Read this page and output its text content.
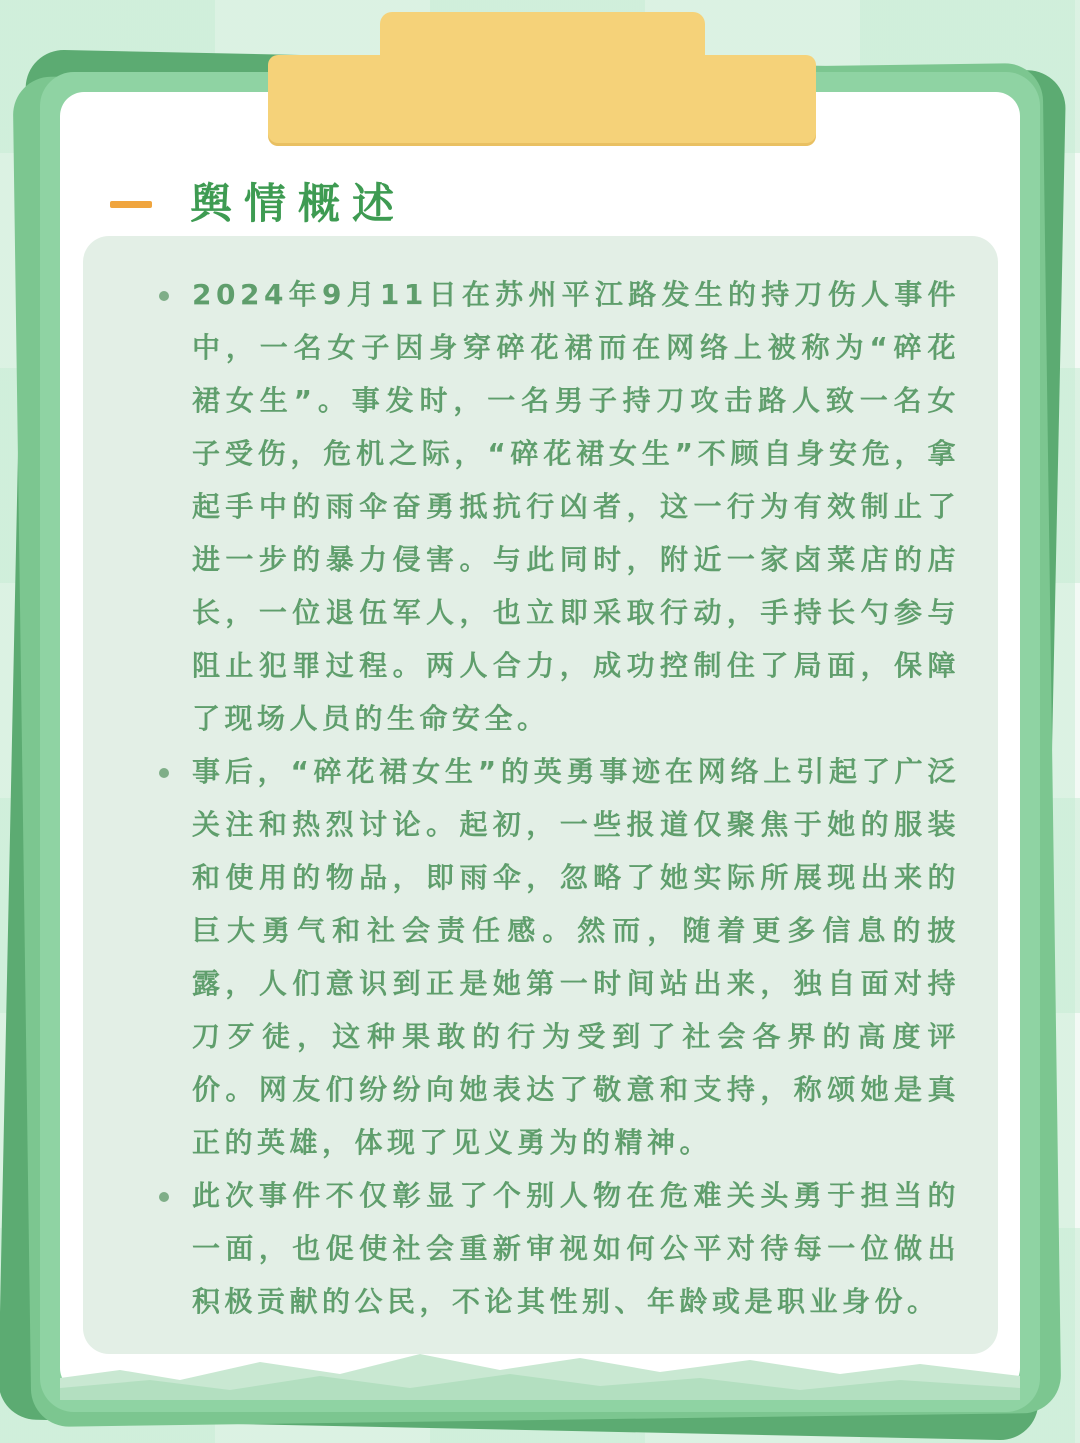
舆情概述
2024年9月11日在苏州平江路发生的持刀伤人事件中，一名女子因身穿碎花裙而在网络上被称为“碎花裙女生”。事发时，一名男子持刀攻击路人致一名女子受伤，危机之际，“碎花裙女生”不顾自身安危，拿起手中的雨伞奋勇抵抗行凶者，这一行为有效制止了进一步的暴力侵害。与此同时，附近一家卤菜店的店长，一位退伍军人，也立即采取行动，手持长勺参与阻止犯罪过程。两人合力，成功控制住了局面，保障了现场人员的生命安全。
事后，“碎花裙女生”的英勇事迹在网络上引起了广泛关注和热烈讨论。起初，一些报道仅聚焦于她的服装和使用的物品，即雨伞，忽略了她实际所展现出来的巨大勇气和社会责任感。然而，随着更多信息的披露，人们意识到正是她第一时间站出来，独自面对持刀歹徒，这种果敢的行为受到了社会各界的高度评价。网友们纷纷向她表达了敬意和支持，称颂她是真正的英雄，体现了见义勇为的精神。
此次事件不仅彰显了个别人物在危难关头勇于担当的一面，也促使社会重新审视如何公平对待每一位做出积极贡献的公民，不论其性别、年龄或是职业身份。
